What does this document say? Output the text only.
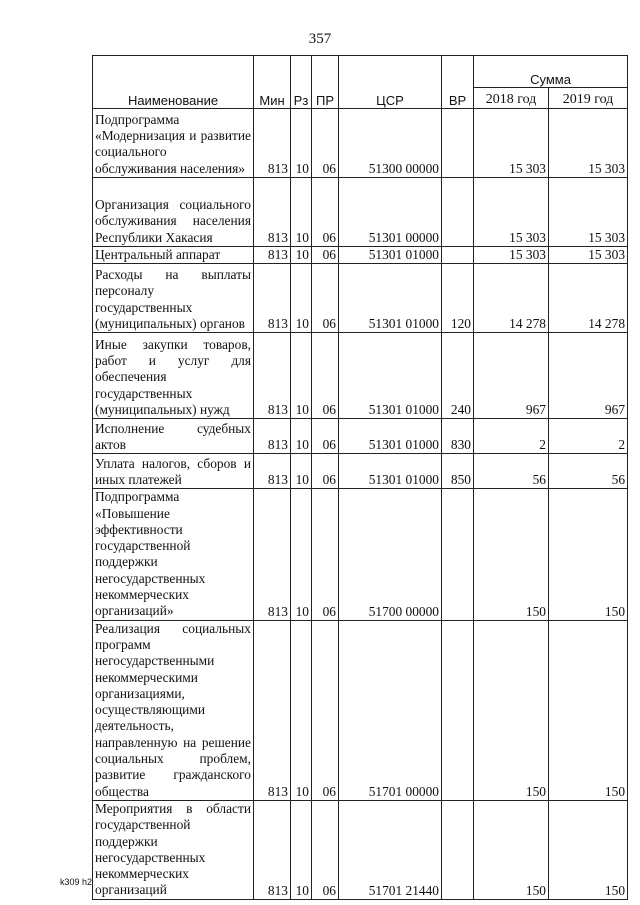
357
Наименование	Мин	Рз	ПР	ЦСР	ВР	Сумма	
						2018 год	2019 год
Подпрограмма «Модернизация и развитие социального обслуживания населения»	813	10	06	51300 00000		15 303	15 303
Организация социального обслуживания населения Республики Хакасия	813	10	06	51301 00000		15 303	15 303
Центральный аппарат	813	10	06	51301 01000		15 303	15 303
Расходы на выплаты персоналу государственных (муниципальных) органов	813	10	06	51301 01000	120	14 278	14 278
Иные закупки товаров, работ и услуг для обеспечения государственных (муниципальных) нужд	813	10	06	51301 01000	240	967	967
Исполнение судебных актов	813	10	06	51301 01000	830	2	2
Уплата налогов, сборов и иных платежей	813	10	06	51301 01000	850	56	56
Подпрограмма «Повышение эффективности государственной поддержки негосударственных некоммерческих организаций»	813	10	06	51700 00000		150	150
Реализация социальных программ негосударственными некоммерческими организациями, осуществляющими деятельность, направленную на решение социальных проблем, развитие гражданского общества	813	10	06	51701 00000		150	150
Мероприятия в области государственной поддержки негосударственных некоммерческих организаций	813	10	06	51701 21440		150	150
k309 h2
